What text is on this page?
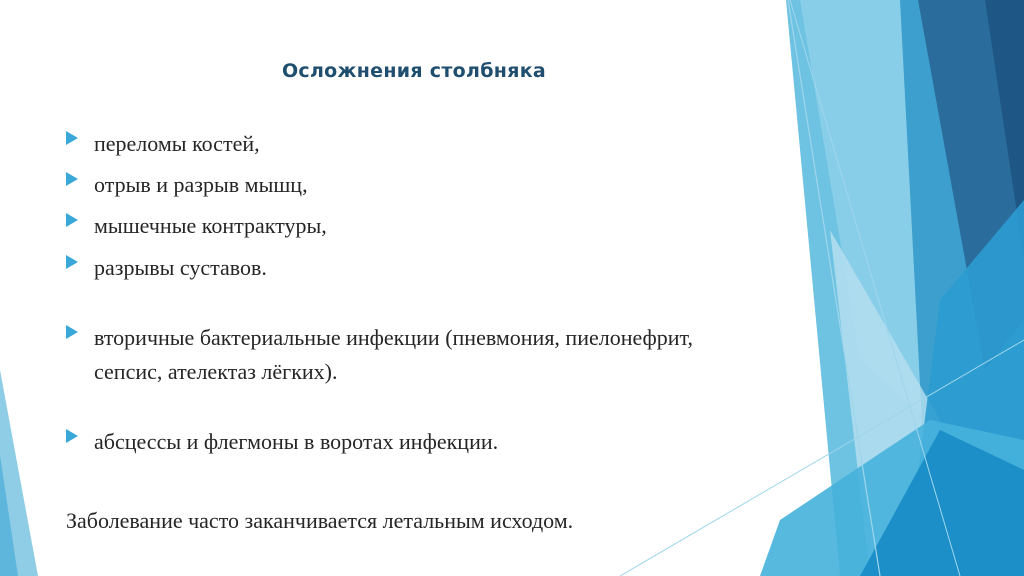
Осложнения столбняка
переломы костей,
отрыв и разрыв мышц,
мышечные контрактуры,
разрывы суставов.
вторичные бактериальные инфекции (пневмония, пиелонефрит, сепсис, ателектаз лёгких).
абсцессы и флегмоны в воротах инфекции.
Заболевание часто заканчивается летальным исходом.
